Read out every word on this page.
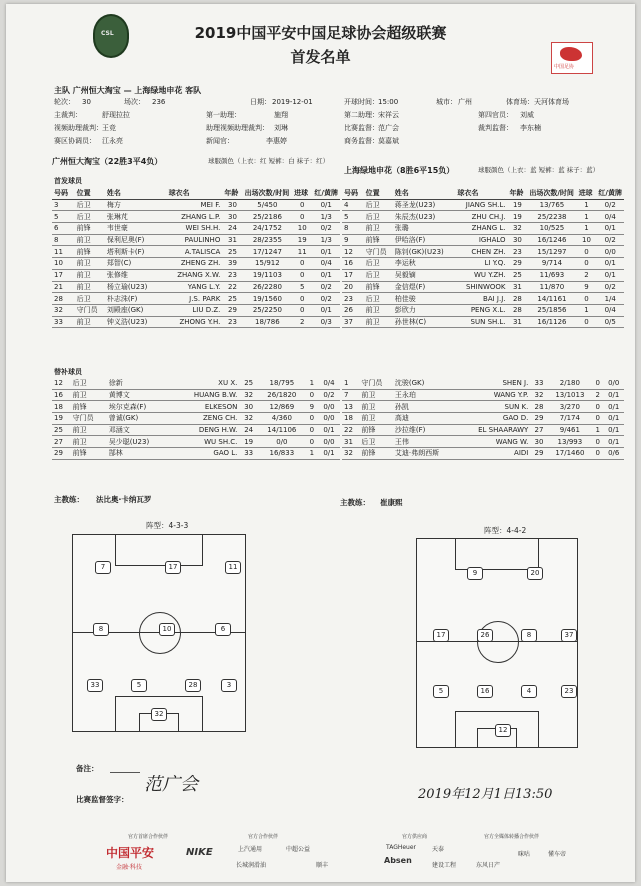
CSL	2019中国平安中国足球协会超级联赛
首发名单
中国足协
主队 广州恒大淘宝 — 上海绿地申花 客队
轮次： 30	场次： 236	日期： 2019-12-01	开球时间： 15:00	城市： 广州	体育场： 天河体育场
主裁判：	舒现拉拉	第一助理：	施翔	第二助理： 宋祥云	第四官员： 刘威
视频助理裁判： 王竞	助理视频助理裁判： 刘琳	比赛监督： 范广会	裁判监督： 李东楠
赛区协调员： 江永亮	新闻官：	李惠婷	商务监督： 莫嘉斌
广州恒大淘宝（22胜3平4负）	球服颜色（上衣：红 短裤：白 袜子：红）
上海绿地申花（8胜6平15负）	球服颜色（上衣：蓝 短裤：蓝 袜子：蓝）
首发球员
号码	位置	姓名	球衣名	年龄	出场次数/时间	进球	红/黄牌
3	后卫	梅方	MEI F.	30	5/450	0	0/1
5	后卫	张琳芃	ZHANG L.P.	30	25/2186	0	1/3
6	前锋	韦世豪	WEI SH.H.	24	24/1752	10	0/2
8	前卫	保利尼奥(F)	PAULINHO	31	28/2355	19	1/3
11	前锋	塔利斯卡(F)	A.TALISCA	25	17/1247	11	0/1
10	前卫	郑智(C)	ZHENG ZH.	39	15/912	0	0/4
17	前卫	张修维	ZHANG X.W.	23	19/1103	0	0/1
21	前卫	杨立瑜(U23)	YANG L.Y.	22	26/2280	5	0/2
28	后卫	朴志洙(F)	J.S. PARK	25	19/1560	0	0/2
32	守门员	刘殿座(GK)	LIU D.Z.	29	25/2250	0	0/1
33	前卫	钟义浩(U23)	ZHONG Y.H.	23	18/786	2	0/3
号码	位置	姓名	球衣名	年龄	出场次数/时间	进球	红/黄牌
4	后卫	蒋圣龙(U23)	JIANG SH.L.	19	13/765	1	0/2
5	后卫	朱辰杰(U23)	ZHU CH.J.	19	25/2238	1	0/4
8	前卫	张璐	ZHANG L.	32	10/525	1	0/1
9	前锋	伊哈洛(F)	IGHALO	30	16/1246	10	0/2
12	守门员	陈钊(GK)(U23)	CHEN ZH.	23	15/1297	0	0/0
16	后卫	李运秋	LI Y.Q.	29	9/714	0	0/1
17	后卫	吴毅镝	WU Y.ZH.	25	11/693	2	0/1
20	前锋	金信煜(F)	SHINWOOK	31	11/870	9	0/2
23	后卫	柏佳骏	BAI J.J.	28	14/1161	0	1/4
26	前卫	彭欣力	PENG X.L.	28	25/1856	1	0/4
37	前卫	孙世林(C)	SUN SH.L.	31	16/1126	0	0/5
替补球员
12	后卫	徐新	XU X.	25	18/795	1	0/4
16	前卫	黄博文	HUANG B.W.	32	26/1820	0	0/2
18	前锋	埃尔克森(F)	ELKESON	30	12/869	9	0/0
19	守门员	曾诚(GK)	ZENG CH.	32	4/360	0	0/0
25	前卫	邓涵文	DENG H.W.	24	14/1106	0	0/1
27	前卫	吴少聪(U23)	WU SH.C.	19	0/0	0	0/0
29	前锋	郜林	GAO L.	33	16/833	1	0/1
1	守门员	沈骏(GK)	SHEN J.	33	2/180	0	0/0
7	前卫	王永珀	WANG Y.P.	32	13/1013	2	0/1
13	前卫	孙凯	SUN K.	28	3/270	0	0/1
18	前卫	高迪	GAO D.	29	7/174	0	0/1
22	前锋	沙拉维(F)	EL SHAARAWY	27	9/461	1	0/1
31	后卫	王伟	WANG W.	30	13/993	0	0/1
32	前锋	艾迪·弗朗西斯	AIDI	29	17/1460	0	0/6
主教练： 法比奥·卡纳瓦罗	主教练： 崔康熙
阵型：4-3-3
阵型：4-4-2
7	17	11
8	10	6
33	5	28	3
32
9	20
17	26	8	37
5	16	4	23
12
备注：
比赛监督签字：
范广会	2019年12月1日13:50
官方首席合作伙伴	官方合作伙伴	官方供应商	官方全媒体转播合作伙伴
中国平安
金融·科技
NIKE	上汽通用	中超公益
长城润滑油	顺丰
TAGHeuer
Absen
天泰
建设工程	东风日产
咪咕	懂车帝
